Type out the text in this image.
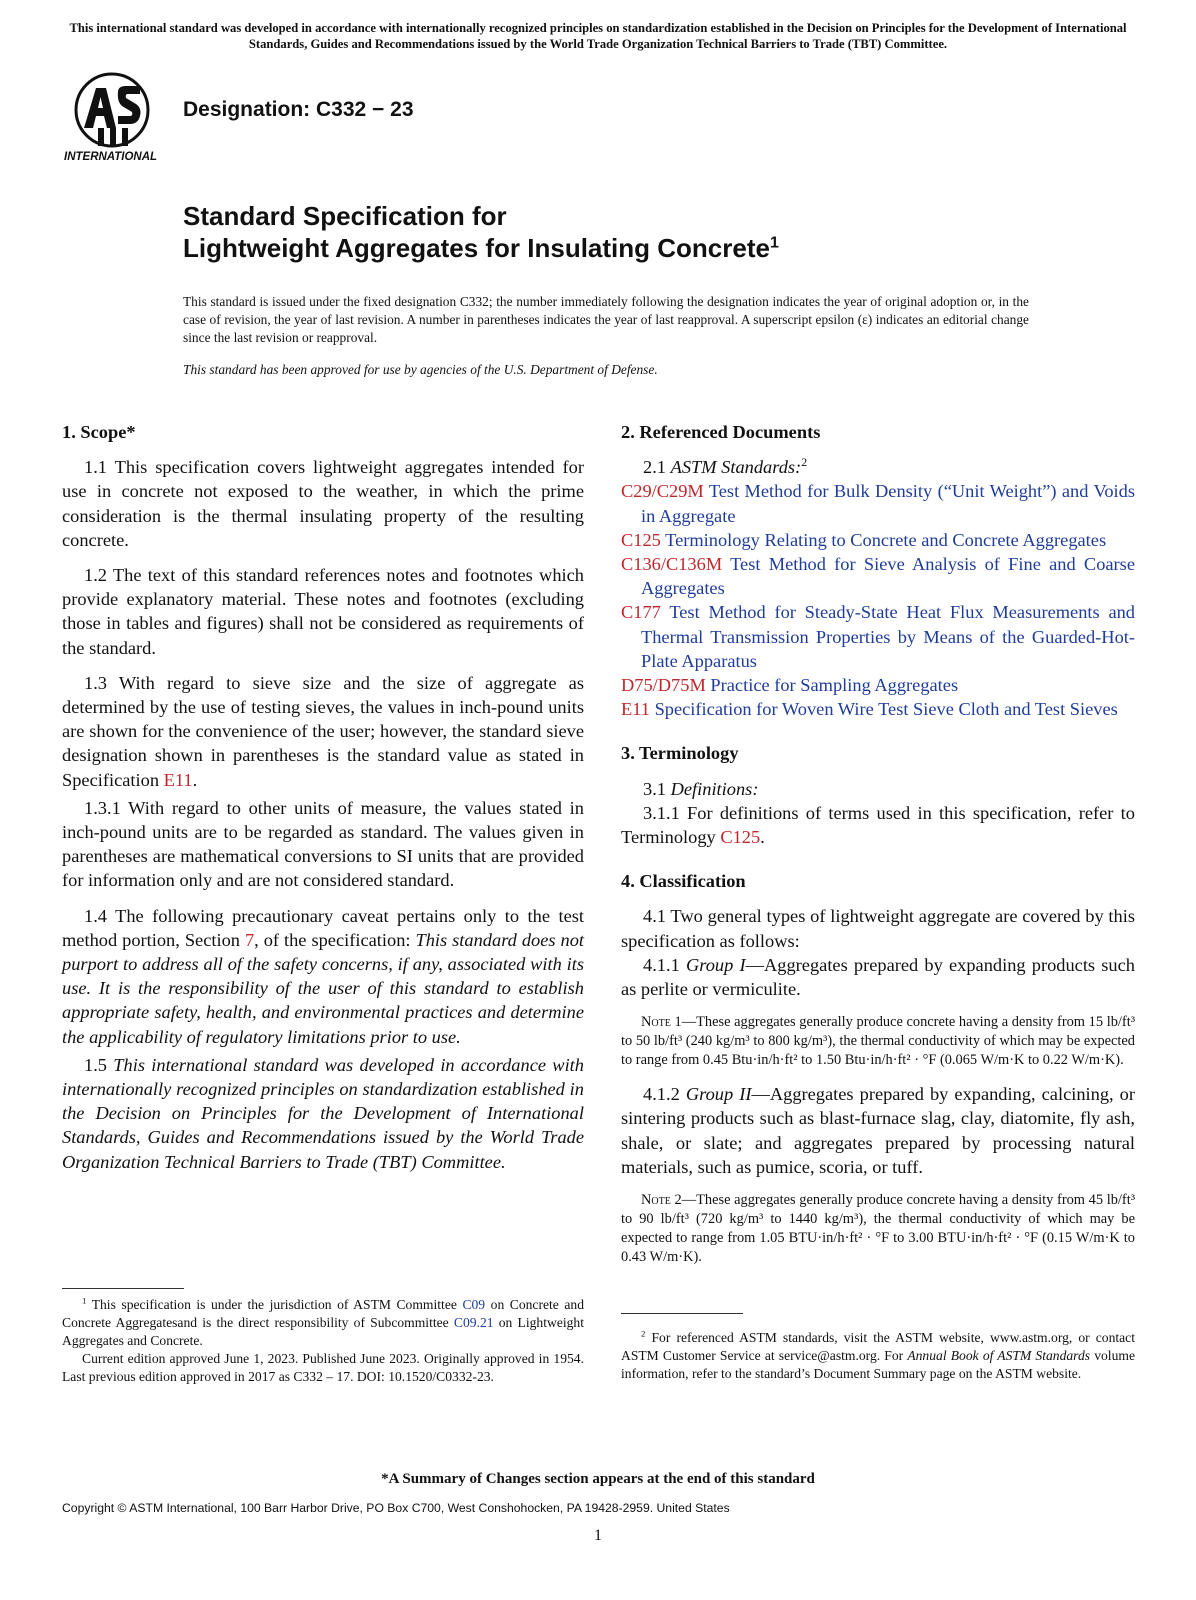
This international standard was developed in accordance with internationally recognized principles on standardization established in the Decision on Principles for the Development of International Standards, Guides and Recommendations issued by the World Trade Organization Technical Barriers to Trade (TBT) Committee.
INTERNATIONAL
Designation: C332 − 23
Standard Specification for
Lightweight Aggregates for Insulating Concrete$^1$
This standard is issued under the fixed designation C332; the number immediately following the designation indicates the year of original adoption or, in the case of revision, the year of last revision. A number in parentheses indicates the year of last reapproval. A superscript epsilon (ε) indicates an editorial change since the last revision or reapproval.
This standard has been approved for use by agencies of the U.S. Department of Defense.
1. Scope*

1.1 This specification covers lightweight aggregates intended for use in concrete not exposed to the weather, in which the prime consideration is the thermal insulating property of the resulting concrete.

1.2 The text of this standard references notes and footnotes which provide explanatory material. These notes and footnotes (excluding those in tables and figures) shall not be considered as requirements of the standard.

1.3 With regard to sieve size and the size of aggregate as determined by the use of testing sieves, the values in inch-pound units are shown for the convenience of the user; however, the standard sieve designation shown in parentheses is the standard value as stated in Specification E11.

1.3.1 With regard to other units of measure, the values stated in inch-pound units are to be regarded as standard. The values given in parentheses are mathematical conversions to SI units that are provided for information only and are not considered standard.

1.4 The following precautionary caveat pertains only to the test method portion, Section 7, of the specification: This standard does not purport to address all of the safety concerns, if any, associated with its use. It is the responsibility of the user of this standard to establish appropriate safety, health, and environmental practices and determine the applicability of regulatory limitations prior to use.

1.5 This international standard was developed in accordance with internationally recognized principles on standardization established in the Decision on Principles for the Development of International Standards, Guides and Recommendations issued by the World Trade Organization Technical Barriers to Trade (TBT) Committee.

2. Referenced Documents

2.1 ASTM Standards:$^2$

C29/C29M Test Method for Bulk Density (“Unit Weight”) and Voids in Aggregate

C125 Terminology Relating to Concrete and Concrete Aggregates

C136/C136M Test Method for Sieve Analysis of Fine and Coarse Aggregates

C177 Test Method for Steady-State Heat Flux Measurements and Thermal Transmission Properties by Means of the Guarded-Hot-Plate Apparatus

D75/D75M Practice for Sampling Aggregates

E11 Specification for Woven Wire Test Sieve Cloth and Test Sieves

3. Terminology

3.1 Definitions:

3.1.1 For definitions of terms used in this specification, refer to Terminology C125.

4. Classification

4.1 Two general types of lightweight aggregate are covered by this specification as follows:

4.1.1 Group I—Aggregates prepared by expanding products such as perlite or vermiculite.

Note 1—These aggregates generally produce concrete having a density from 15 lb/ft³ to 50 lb/ft³ (240 kg/m³ to 800 kg/m³), the thermal conductivity of which may be expected to range from 0.45 Btu·in/h·ft² to 1.50 Btu·in/h·ft² · °F (0.065 W/m·K to 0.22 W/m·K).

4.1.2 Group II—Aggregates prepared by expanding, calcining, or sintering products such as blast-furnace slag, clay, diatomite, fly ash, shale, or slate; and aggregates prepared by processing natural materials, such as pumice, scoria, or tuff.

Note 2—These aggregates generally produce concrete having a density from 45 lb/ft³ to 90 lb/ft³ (720 kg/m³ to 1440 kg/m³), the thermal conductivity of which may be expected to range from 1.05 BTU·in/h·ft² · °F to 3.00 BTU·in/h·ft² · °F (0.15 W/m·K to 0.43 W/m·K).

$^1$ This specification is under the jurisdiction of ASTM Committee C09 on Concrete and Concrete Aggregatesand is the direct responsibility of Subcommittee C09.21 on Lightweight Aggregates and Concrete.

Current edition approved June 1, 2023. Published June 2023. Originally approved in 1954. Last previous edition approved in 2017 as C332 – 17. DOI: 10.1520/C0332-23.

$^2$ For referenced ASTM standards, visit the ASTM website, www.astm.org, or contact ASTM Customer Service at service@astm.org. For Annual Book of ASTM Standards volume information, refer to the standard’s Document Summary page on the ASTM website.

*A Summary of Changes section appears at the end of this standard
Copyright © ASTM International, 100 Barr Harbor Drive, PO Box C700, West Conshohocken, PA 19428-2959. United States
1
